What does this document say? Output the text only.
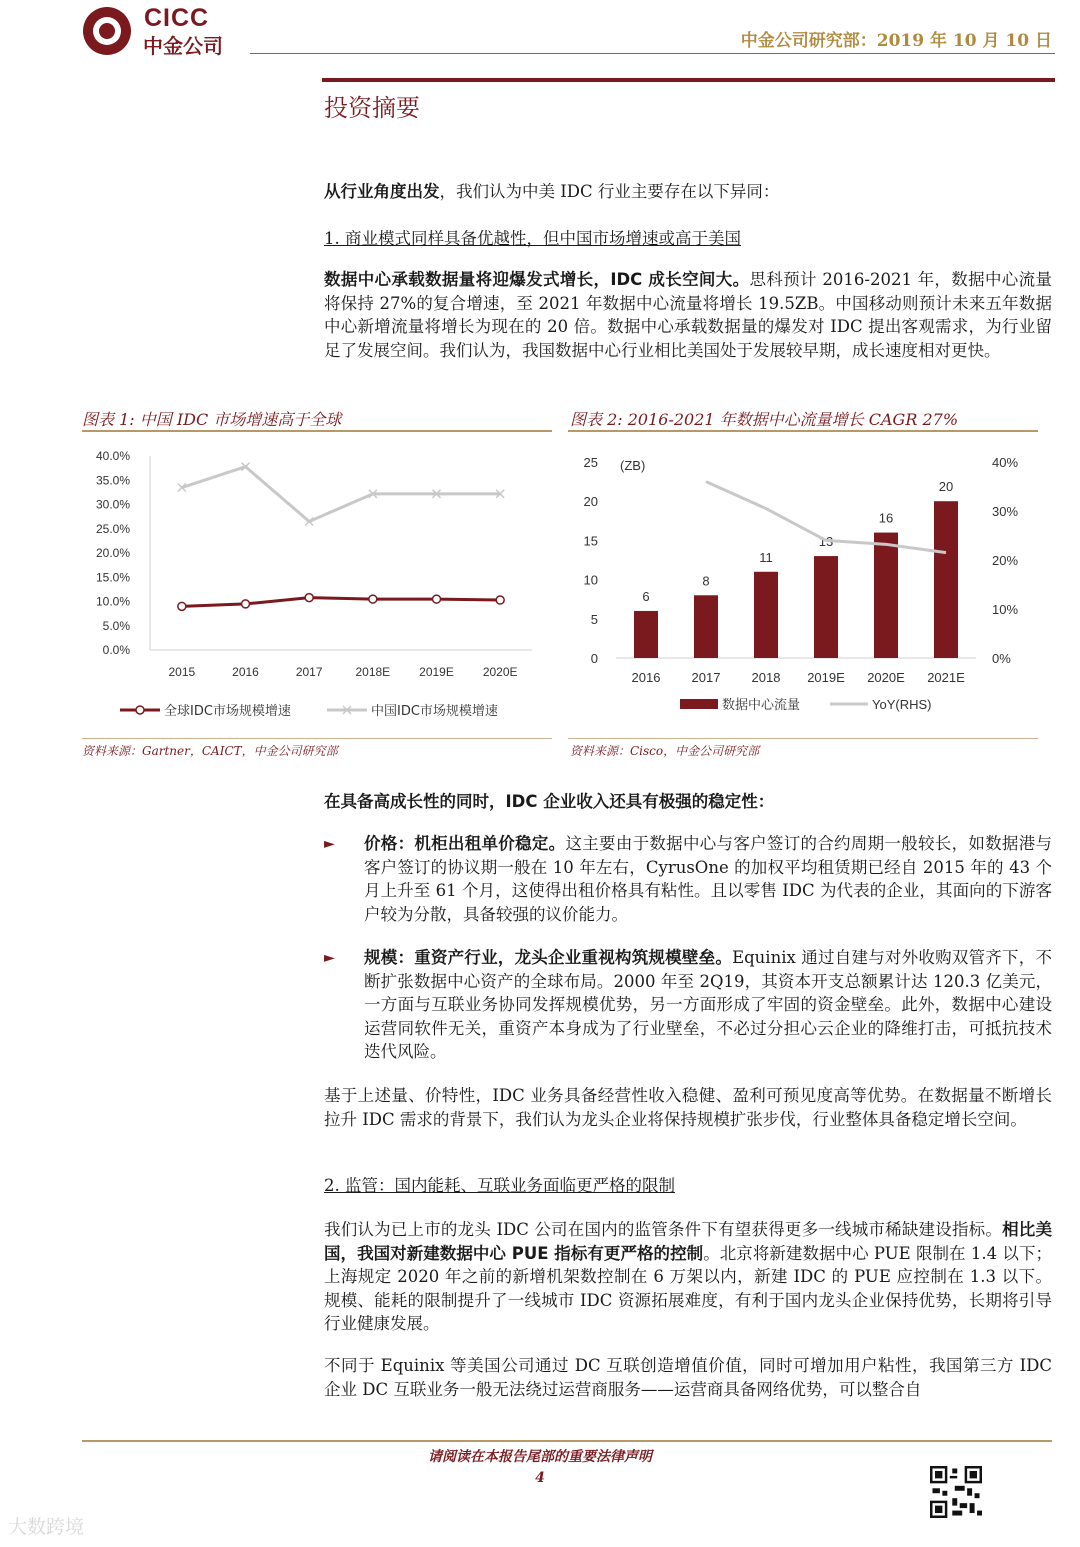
CICC
中金公司	中金公司研究部：2019 年 10 月 10 日
投资摘要
从行业角度出发，我们认为中美 IDC 行业主要存在以下异同：
1. 商业模式同样具备优越性，但中国市场增速或高于美国
数据中心承载数据量将迎爆发式增长，IDC 成长空间大。思科预计 2016-2021 年，数据中心流量将保持 27%的复合增速，至 2021 年数据中心流量将增长 19.5ZB。中国移动则预计未来五年数据中心新增流量将增长为现在的 20 倍。数据中心承载数据量的爆发对 IDC 提出客观需求，为行业留足了发展空间。我们认为，我国数据中心行业相比美国处于发展较早期，成长速度相对更快。
图表 1: 中国 IDC 市场增速高于全球
40.0%
35.0%
30.0%
25.0%
20.0%
15.0%
10.0%
5.0%
0.0%
2015	2016	2017	2018E 2019E 2020E
全球IDC市场规模增速	中国IDC市场规模增速
资料来源：Gartner，CAICT，中金公司研究部
图表 2: 2016-2021 年数据中心流量增长 CAGR 27%
25
20
15
10
5
0
40%
30%
20%
10%
0%
(ZB)
6
8
11
13
16
20
2016 2017 2018 2019E 2020E 2021E
数据中心流量	YoY(RHS)
资料来源：Cisco，中金公司研究部
在具备高成长性的同时，IDC 企业收入还具有极强的稳定性：
► 价格：机柜出租单价稳定。这主要由于数据中心与客户签订的合约周期一般较长，如数据港与客户签订的协议期一般在 10 年左右，CyrusOne 的加权平均租赁期已经自 2015 年的 43 个月上升至 61 个月，这使得出租价格具有粘性。且以零售 IDC 为代表的企业，其面向的下游客户较为分散，具备较强的议价能力。
► 规模：重资产行业，龙头企业重视构筑规模壁垒。Equinix 通过自建与对外收购双管齐下，不断扩张数据中心资产的全球布局。2000 年至 2Q19，其资本开支总额累计达 120.3 亿美元，一方面与互联业务协同发挥规模优势，另一方面形成了牢固的资金壁垒。此外，数据中心建设运营同软件无关，重资产本身成为了行业壁垒，不必过分担心云企业的降维打击，可抵抗技术迭代风险。
基于上述量、价特性，IDC 业务具备经营性收入稳健、盈利可预见度高等优势。在数据量不断增长拉升 IDC 需求的背景下，我们认为龙头企业将保持规模扩张步伐，行业整体具备稳定增长空间。
2. 监管：国内能耗、互联业务面临更严格的限制
我们认为已上市的龙头 IDC 公司在国内的监管条件下有望获得更多一线城市稀缺建设指标。相比美国，我国对新建数据中心 PUE 指标有更严格的控制。北京将新建数据中心 PUE 限制在 1.4 以下；上海规定 2020 年之前的新增机架数控制在 6 万架以内，新建 IDC 的 PUE 应控制在 1.3 以下。规模、能耗的限制提升了一线城市 IDC 资源拓展难度，有利于国内龙头企业保持优势，长期将引导行业健康发展。
不同于 Equinix 等美国公司通过 DC 互联创造增值价值，同时可增加用户粘性，我国第三方 IDC 企业 DC 互联业务一般无法绕过运营商服务——运营商具备网络优势，可以整合自
请阅读在本报告尾部的重要法律声明
4
大数跨境
